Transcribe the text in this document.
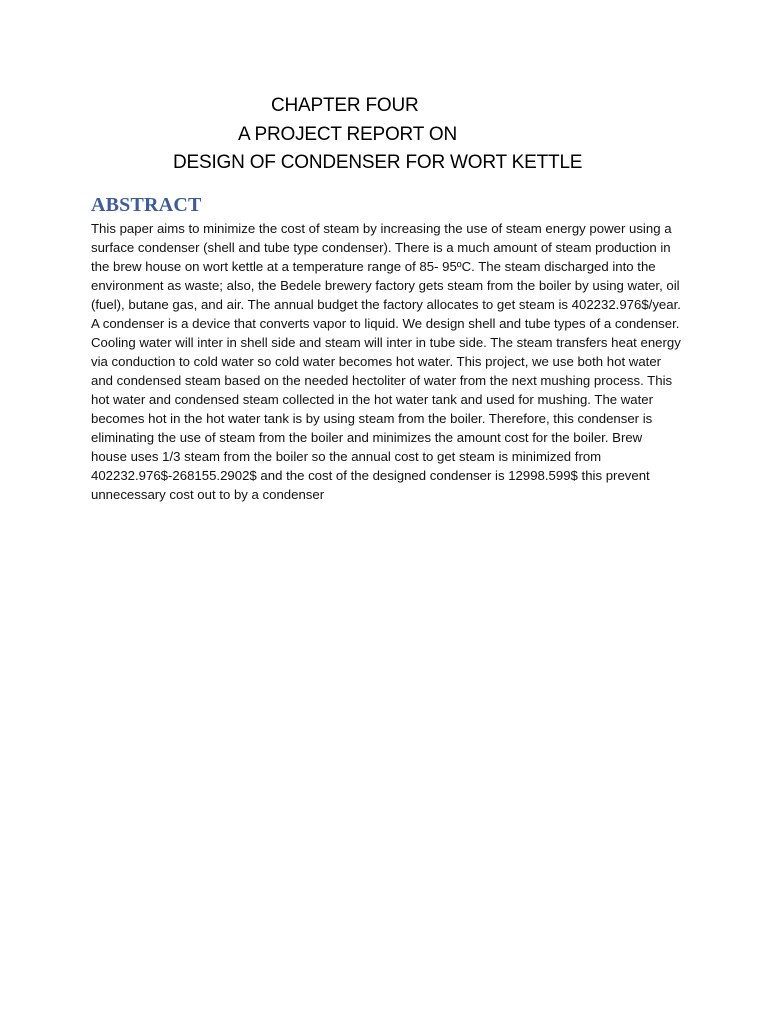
CHAPTER FOUR
A PROJECT REPORT ON
DESIGN OF CONDENSER FOR WORT KETTLE
ABSTRACT

This paper aims to minimize the cost of steam by increasing the use of steam energy power using a surface condenser (shell and tube type condenser). There is a much amount of steam production in the brew house on wort kettle at a temperature range of 85- 95ºC. The steam discharged into the environment as waste; also, the Bedele brewery factory gets steam from the boiler by using water, oil (fuel), butane gas, and air. The annual budget the factory allocates to get steam is 402232.976$/year.

A condenser is a device that converts vapor to liquid. We design shell and tube types of a condenser. Cooling water will inter in shell side and steam will inter in tube side. The steam transfers heat energy via conduction to cold water so cold water becomes hot water. This project, we use both hot water and condensed steam based on the needed hectoliter of water from the next mushing process. This hot water and condensed steam collected in the hot water tank and used for mushing. The water becomes hot in the hot water tank is by using steam from the boiler. Therefore, this condenser is eliminating the use of steam from the boiler and minimizes the amount cost for the boiler. Brew house uses 1/3 steam from the boiler so the annual cost to get steam is minimized from 402232.976$-268155.2902$ and the cost of the designed condenser is 12998.599$ this prevent unnecessary cost out to by a condenser
